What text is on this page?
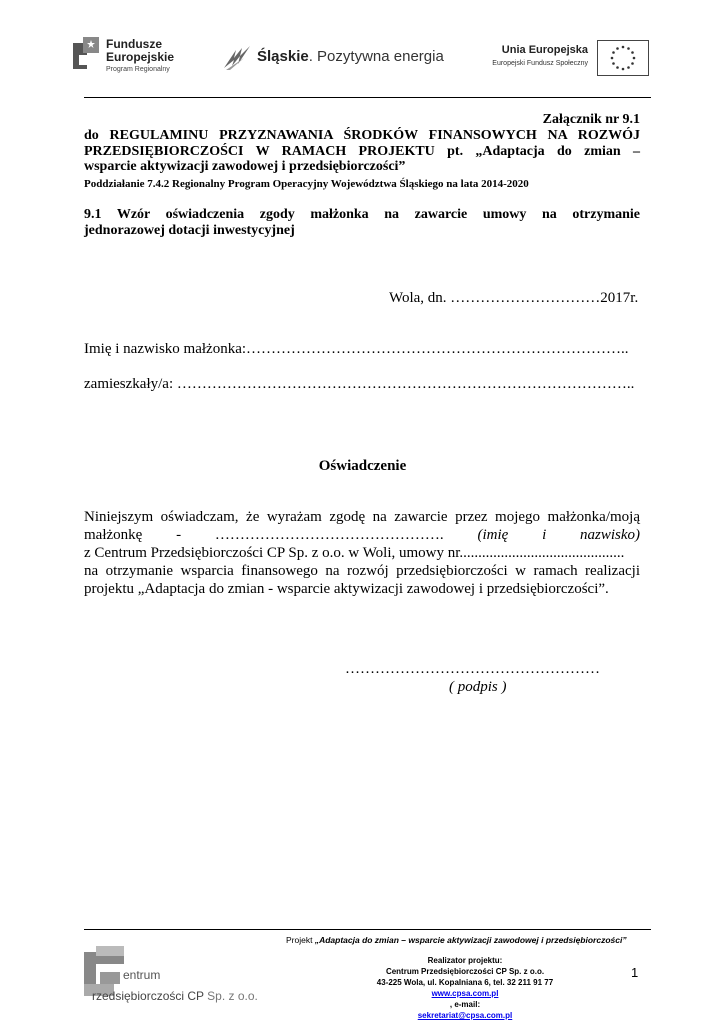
Fundusze
Europejskie
Program Regionalny
Śląskie. Pozytywna energia	Unia Europejska
Europejski Fundusz Społeczny
Załącznik nr 9.1
do REGULAMINU PRZYZNAWANIA ŚRODKÓW FINANSOWYCH NA ROZWÓJ
PRZEDSIĘBIORCZOŚCI W RAMACH PROJEKTU pt. „Adaptacja do zmian –
wsparcie aktywizacji zawodowej i przedsiębiorczości”
Poddziałanie 7.4.2 Regionalny Program Operacyjny Województwa Śląskiego na lata 2014-2020
9.1 Wzór oświadczenia zgody małżonka na zawarcie umowy na otrzymanie
jednorazowej dotacji inwestycyjnej
Wola, dn. …………………………2017r.
Imię i nazwisko małżonka:…………………………………………………………………..
zamieszkały/a: ………………………………………………………………………………..
Oświadczenie
Niniejszym oświadczam, że wyrażam zgodę na zawarcie przez mojego małżonka/moją
małżonkę - ………………………………………. (imię i nazwisko)
z Centrum Przedsiębiorczości CP Sp. z o.o. w Woli, umowy nr............................................
na otrzymanie wsparcia finansowego na rozwój przedsiębiorczości w ramach realizacji
projektu „Adaptacja do zmian - wsparcie aktywizacji zawodowej i przedsiębiorczości”.
……………………………………………
( podpis )
Projekt „Adaptacja do zmian – wsparcie aktywizacji zawodowej i przedsiębiorczości”
entrum
rzedsiębiorczości CP Sp. z o.o.
Realizator projektu:
Centrum Przedsiębiorczości CP Sp. z o.o.
43-225 Wola, ul. Kopalniana 6, tel. 32 211 91 77
www.cpsa.com.pl
, e-mail:
sekretariat@cpsa.com.pl
1
